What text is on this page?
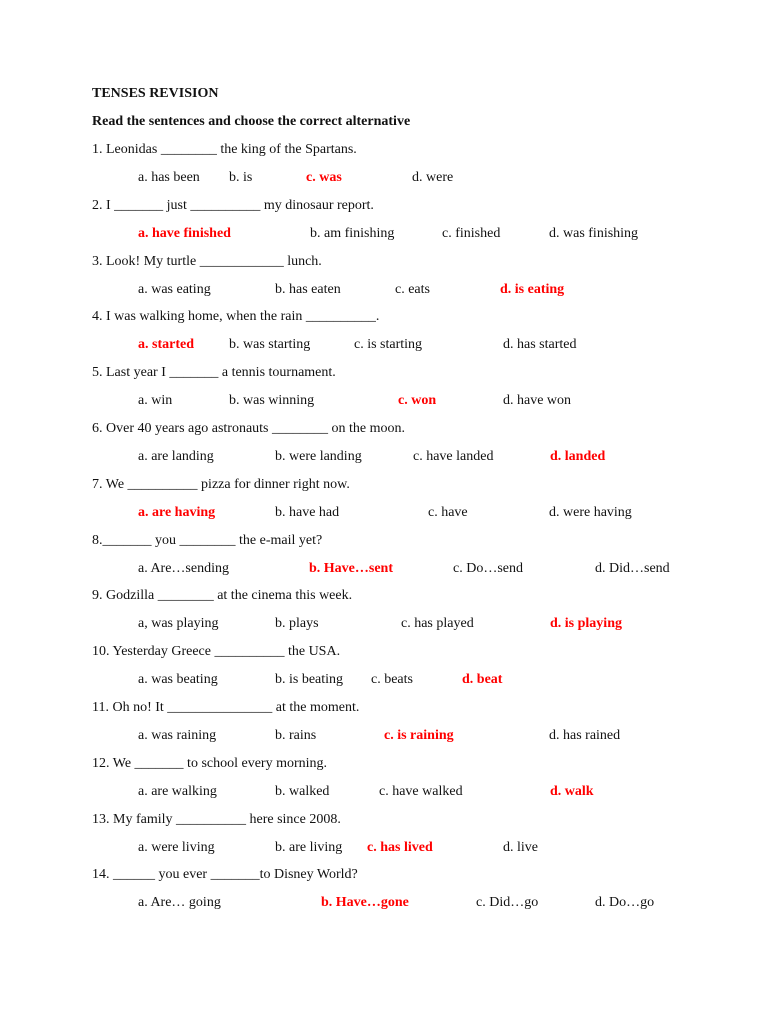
TENSES REVISION
Read the sentences and choose the correct alternative
1. Leonidas ________ the king of the Spartans.
a. has been b. is	c. was	d. were
2. I _______ just __________ my dinosaur report.
a. have finished	b. am finishing	c. finished	d. was finishing
3. Look! My turtle ____________ lunch.
a. was eating	b. has eaten	c. eats	d. is eating
4. I was walking home, when the rain __________.
a. started	b. was starting	c. is starting	d. has started
5. Last year I _______ a tennis tournament.
a. win	b. was winning	c. won	d. have won
6. Over 40 years ago astronauts ________ on the moon.
a. are landing	b. were landing	c. have landed	d. landed
7. We __________ pizza for dinner right now.
a. are having	b. have had	c. have	d. were having
8._______ you ________ the e-mail yet?
a. Are…sending	b. Have…sent	c. Do…send	d. Did…send
9. Godzilla ________ at the cinema this week.
a, was playing	b. plays	c. has played	d. is playing
10. Yesterday Greece __________ the USA.
a. was beating	b. is beating c. beats	d. beat
11. Oh no! It _______________ at the moment.
a. was raining	b. rains	c. is raining	d. has rained
12. We _______ to school every morning.
a. are walking	b. walked	c. have walked	d. walk
13. My family __________ here since 2008.
a. were living	b. are living c. has lived	d. live
14. ______ you ever _______to Disney World?
a. Are… going	b. Have…gone	c. Did…go	d. Do…go
